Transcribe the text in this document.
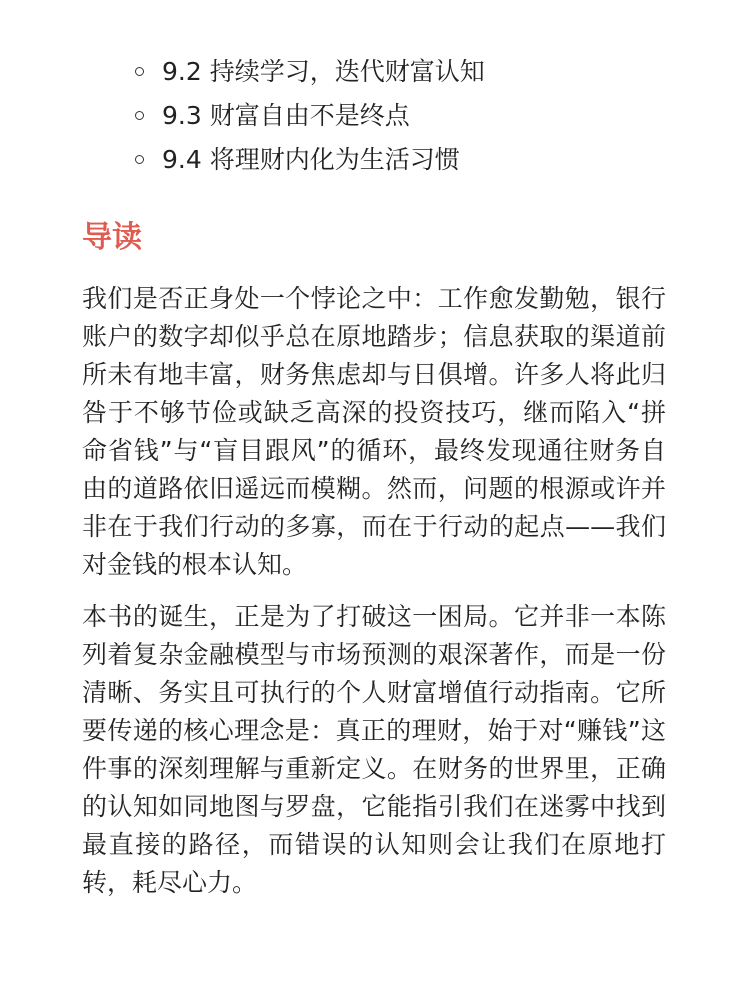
9.2 持续学习，迭代财富认知
9.3 财富自由不是终点
9.4 将理财内化为生活习惯
导读

我们是否正身处一个悖论之中：工作愈发勤勉，银行账户的数字却似乎总在原地踏步；信息获取的渠道前所未有地丰富，财务焦虑却与日俱增。许多人将此归咎于不够节俭或缺乏高深的投资技巧，继而陷入“拼命省钱”与“盲目跟风”的循环，最终发现通往财务自由的道路依旧遥远而模糊。然而，问题的根源或许并非在于我们行动的多寡，而在于行动的起点——我们对金钱的根本认知。

本书的诞生，正是为了打破这一困局。它并非一本陈列着复杂金融模型与市场预测的艰深著作，而是一份清晰、务实且可执行的个人财富增值行动指南。它所要传递的核心理念是：真正的理财，始于对“赚钱”这件事的深刻理解与重新定义。在财务的世界里，正确的认知如同地图与罗盘，它能指引我们在迷雾中找到最直接的路径，而错误的认知则会让我们在原地打转，耗尽心力。
